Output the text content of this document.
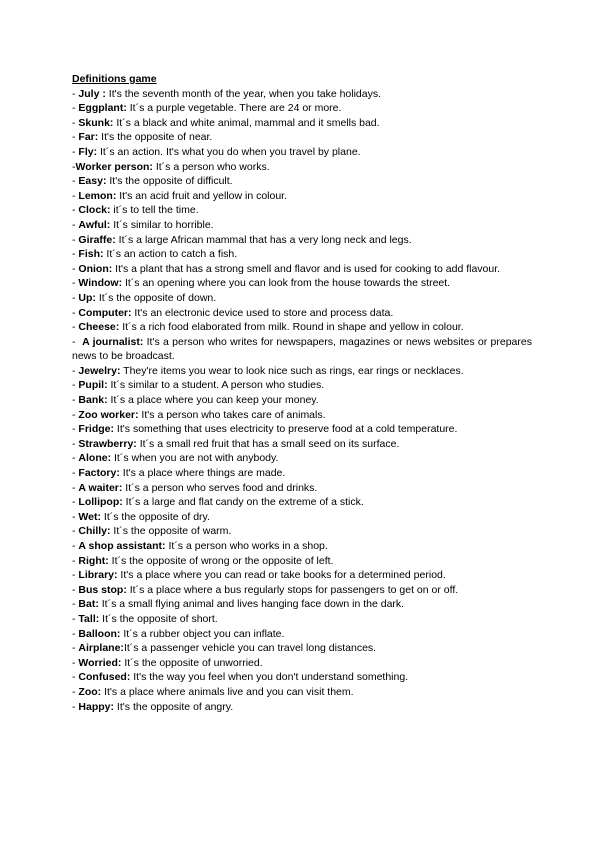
Definitions game

- July : It's the seventh month of the year, when you take holidays.
- Eggplant: It´s a purple vegetable. There are 24 or more.
- Skunk: It´s a black and white animal, mammal and it smells bad.
- Far: It's the opposite of near.
- Fly: It´s an action. It's what you do when you travel by plane.
-Worker person: It´s a person who works.
- Easy: It's the opposite of difficult.
- Lemon: It's an acid fruit and yellow in colour.
- Clock: it´s to tell the time.
- Awful: It´s similar to horrible.
- Giraffe: It´s a large African mammal that has a very long neck and legs.
- Fish: It´s an action to catch a fish.
- Onion: It's a plant that has a strong smell and flavor and is used for cooking to add flavour.
- Window: It´s an opening where you can look from the house towards the street.
- Up: It´s the opposite of down.
- Computer: It's an electronic device used to store and process data.
- Cheese: It´s a rich food elaborated from milk. Round in shape and yellow in colour.
-  A journalist: It's a person who writes for newspapers, magazines or news websites or prepares news to be broadcast.
- Jewelry: They're items you wear to look nice such as rings, ear rings or necklaces.
- Pupil: It´s similar to a student. A person who studies.
- Bank: It´s a place where you can keep your money.
- Zoo worker: It's a person who takes care of animals.
- Fridge: It's something that uses electricity to preserve food at a cold temperature.
- Strawberry: It´s a small red fruit that has a small seed on its surface.
- Alone: It´s when you are not with anybody.
- Factory: It's a place where things are made.
- A waiter: It´s a person who serves food and drinks.
- Lollipop: It´s a large and flat candy on the extreme of a stick.
- Wet: It´s the opposite of dry.
- Chilly: It´s the opposite of warm.
- A shop assistant: It´s a person who works in a shop.
- Right: It´s the opposite of wrong or the opposite of left.
- Library: It's a place where you can read or take books for a determined period.
- Bus stop: It´s a place where a bus regularly stops for passengers to get on or off.
- Bat: It´s a small flying animal and lives hanging face down in the dark.
- Tall: It´s the opposite of short.
- Balloon: It´s a rubber object you can inflate.
- Airplane:It´s a passenger vehicle you can travel long distances.
- Worried: It´s the opposite of unworried.
- Confused: It's the way you feel when you don't understand something.
- Zoo: It's a place where animals live and you can visit them.
- Happy: It's the opposite of angry.
